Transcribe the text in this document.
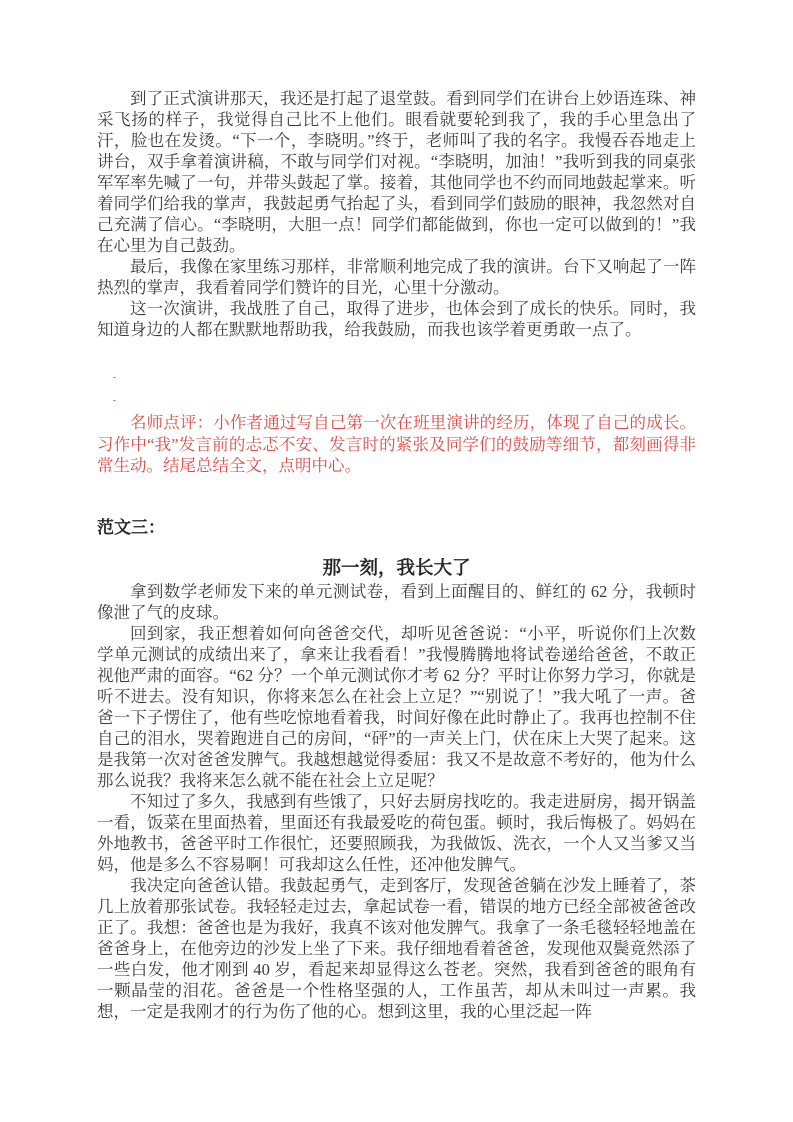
到了正式演讲那天，我还是打起了退堂鼓。看到同学们在讲台上妙语连珠、神采飞扬的样子，我觉得自己比不上他们。眼看就要轮到我了，我的手心里急出了汗，脸也在发烫。“下一个，李晓明。”终于，老师叫了我的名字。我慢吞吞地走上讲台，双手拿着演讲稿，不敢与同学们对视。“李晓明，加油！”我听到我的同桌张军军率先喊了一句，并带头鼓起了掌。接着，其他同学也不约而同地鼓起掌来。听着同学们给我的掌声，我鼓起勇气抬起了头，看到同学们鼓励的眼神，我忽然对自己充满了信心。“李晓明，大胆一点！同学们都能做到，你也一定可以做到的！”我在心里为自己鼓劲。

最后，我像在家里练习那样，非常顺利地完成了我的演讲。台下又响起了一阵热烈的掌声，我看着同学们赞许的目光，心里十分激动。

这一次演讲，我战胜了自己，取得了进步，也体会到了成长的快乐。同时，我知道身边的人都在默默地帮助我，给我鼓励，而我也该学着更勇敢一点了。

-
-

名师点评：小作者通过写自己第一次在班里演讲的经历，体现了自己的成长。习作中“我”发言前的忐忑不安、发言时的紧张及同学们的鼓励等细节，都刻画得非常生动。结尾总结全文，点明中心。

范文三：
那一刻，我长大了

拿到数学老师发下来的单元测试卷，看到上面醒目的、鲜红的 62 分，我顿时像泄了气的皮球。

回到家，我正想着如何向爸爸交代，却听见爸爸说：“小平，听说你们上次数学单元测试的成绩出来了，拿来让我看看！”我慢腾腾地将试卷递给爸爸，不敢正视他严肃的面容。“62 分？一个单元测试你才考 62 分？平时让你努力学习，你就是听不进去。没有知识，你将来怎么在社会上立足？”“别说了！”我大吼了一声。爸爸一下子愣住了，他有些吃惊地看着我，时间好像在此时静止了。我再也控制不住自己的泪水，哭着跑进自己的房间，“砰”的一声关上门，伏在床上大哭了起来。这是我第一次对爸爸发脾气。我越想越觉得委屈：我又不是故意不考好的，他为什么那么说我？我将来怎么就不能在社会上立足呢？

不知过了多久，我感到有些饿了，只好去厨房找吃的。我走进厨房，揭开锅盖一看，饭菜在里面热着，里面还有我最爱吃的荷包蛋。顿时，我后悔极了。妈妈在外地教书，爸爸平时工作很忙，还要照顾我，为我做饭、洗衣，一个人又当爹又当妈，他是多么不容易啊！可我却这么任性，还冲他发脾气。

我决定向爸爸认错。我鼓起勇气，走到客厅，发现爸爸躺在沙发上睡着了，茶几上放着那张试卷。我轻轻走过去，拿起试卷一看，错误的地方已经全部被爸爸改正了。我想：爸爸也是为我好，我真不该对他发脾气。我拿了一条毛毯轻轻地盖在爸爸身上，在他旁边的沙发上坐了下来。我仔细地看着爸爸，发现他双鬓竟然添了一些白发，他才刚到 40 岁，看起来却显得这么苍老。突然，我看到爸爸的眼角有一颗晶莹的泪花。爸爸是一个性格坚强的人，工作虽苦，却从未叫过一声累。我想，一定是我刚才的行为伤了他的心。想到这里，我的心里泛起一阵
